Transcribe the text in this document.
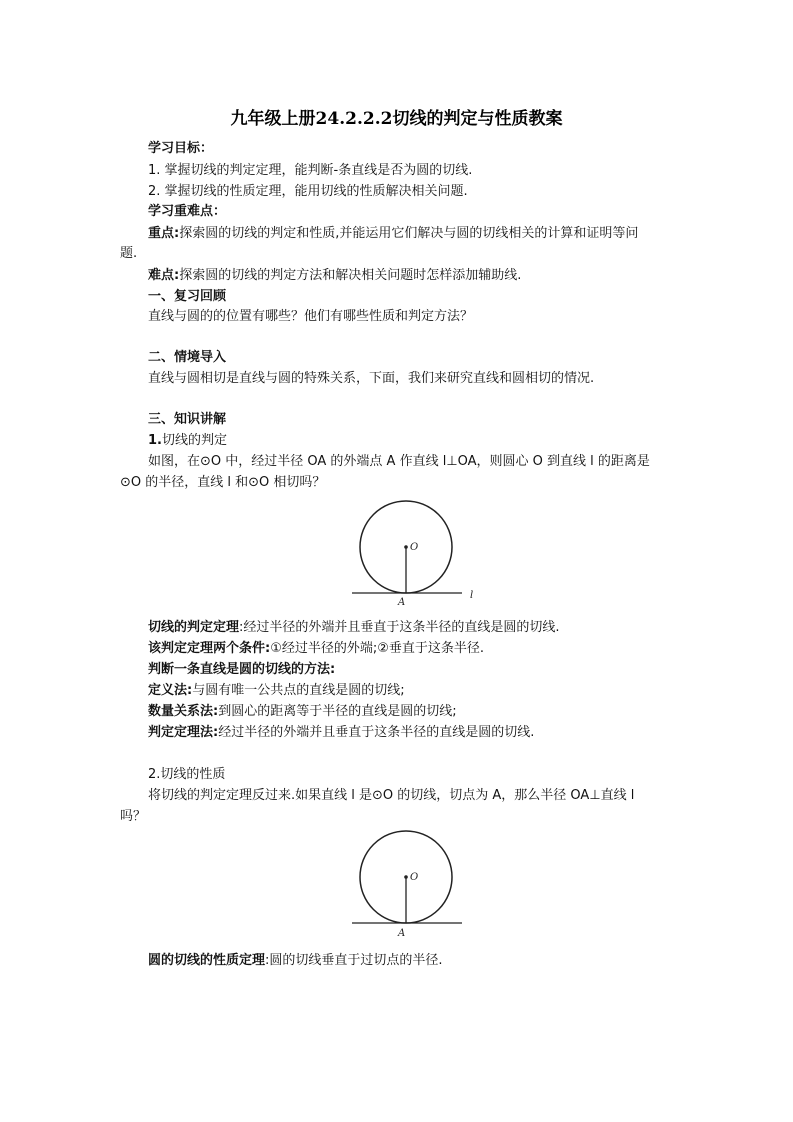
九年级上册24.2.2.2切线的判定与性质教案
学习目标：
1. 掌握切线的判定定理，能判断-条直线是否为圆的切线.
2. 掌握切线的性质定理，能用切线的性质解决相关问题.
学习重难点：
重点:探索圆的切线的判定和性质,并能运用它们解决与圆的切线相关的计算和证明等问
题.
难点:探索圆的切线的判定方法和解决相关问题时怎样添加辅助线.
一、复习回顾
直线与圆的的位置有哪些？他们有哪些性质和判定方法？
二、情境导入
直线与圆相切是直线与圆的特殊关系，下面，我们来研究直线和圆相切的情况.
三、知识讲解
1.切线的判定
如图，在⊙O 中，经过半径 OA 的外端点 A 作直线 l⊥OA，则圆心 O 到直线 l 的距离是
⊙O 的半径，直线 l 和⊙O 相切吗？
O
A
l
切线的判定定理:经过半径的外端并且垂直于这条半径的直线是圆的切线.
该判定定理两个条件:①经过半径的外端;②垂直于这条半径.
判断一条直线是圆的切线的方法:
定义法:与圆有唯一公共点的直线是圆的切线;
数量关系法:到圆心的距离等于半径的直线是圆的切线;
判定定理法:经过半径的外端并且垂直于这条半径的直线是圆的切线.
2.切线的性质
将切线的判定定理反过来.如果直线 l 是⊙O 的切线，切点为 A，那么半径 OA⊥直线 l
吗？
O
A
圆的切线的性质定理:圆的切线垂直于过切点的半径.
